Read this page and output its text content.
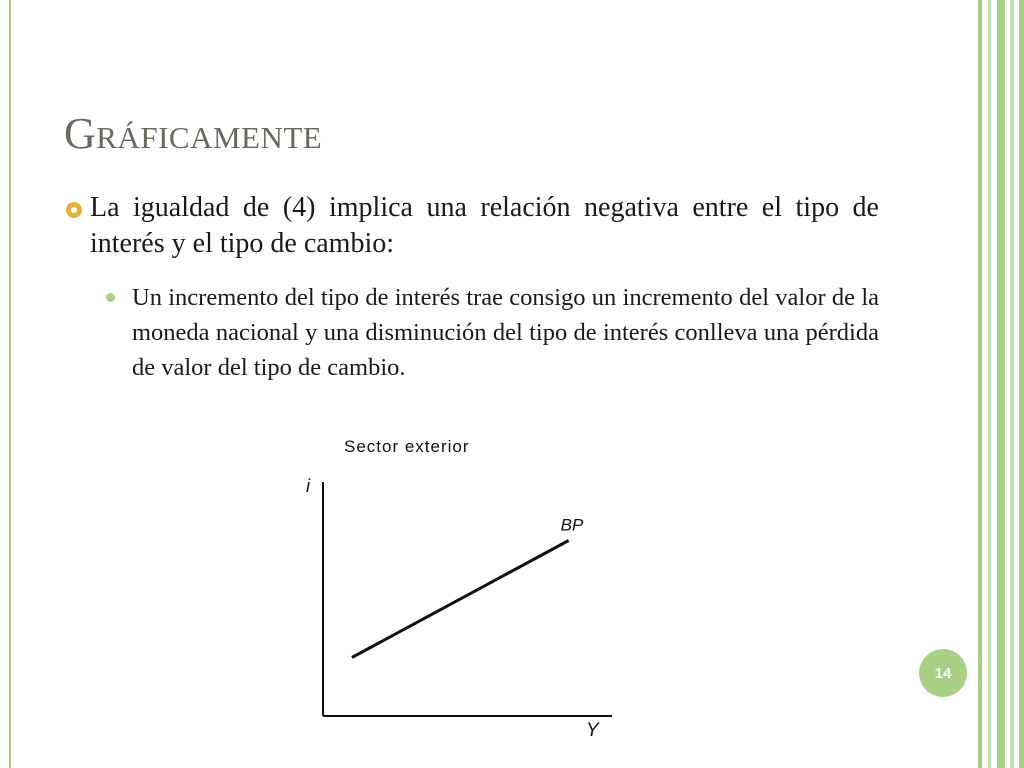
Gráficamente

La igualdad de (4) implica una relación negativa entre el tipo de interés y el tipo de cambio:

Un incremento del tipo de interés trae consigo un incremento del valor de la moneda nacional y una disminución del tipo de interés conlleva una pérdida de valor del tipo de cambio.

Sector exterior
i
Y
BP
14
